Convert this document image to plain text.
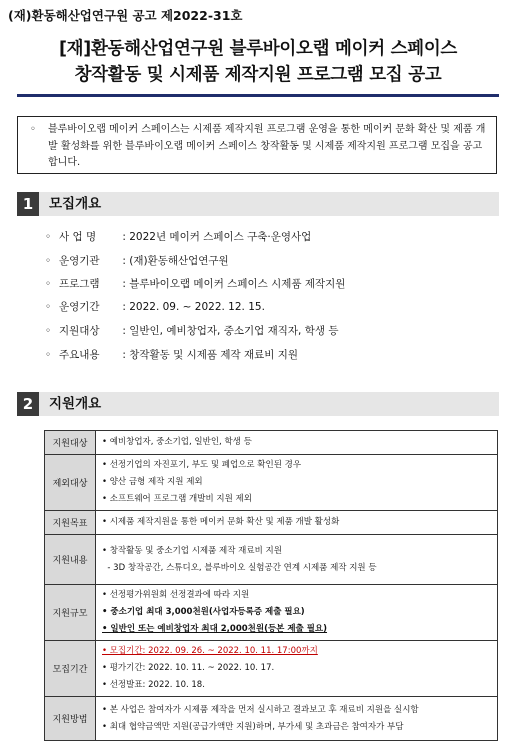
(재)환동해산업연구원 공고 제2022-31호
[재]환동해산업연구원 블루바이오랩 메이커 스페이스
창작활동 및 시제품 제작지원 프로그램 모집 공고
◦ 블루바이오랩 메이커 스페이스는 시제품 제작지원 프로그램 운영을 통한 메이커 문화 확산 및 제품 개발 활성화를 위한 블루바이오랩 메이커 스페이스 창작활동 및 시제품 제작지원 프로그램 모집을 공고합니다.
1	모집개요
◦ 사 업 명 : 2022년 메이커 스페이스 구축·운영사업
◦ 운영기관 : (재)환동해산업연구원
◦ 프로그램 : 블루바이오랩 메이커 스페이스 시제품 제작지원
◦ 운영기간 : 2022. 09. ~ 2022. 12. 15.
◦ 지원대상 : 일반인, 예비창업자, 중소기업 재직자, 학생 등
◦ 주요내용 : 창작활동 및 시제품 제작 재료비 지원
2	지원개요
지원대상	• 예비창업자, 중소기업, 일반인, 학생 등

제외대상	• 선정기업의 자진포기, 부도 및 폐업으로 확인된 경우
• 양산 금형 제작 지원 제외
• 소프트웨어 프로그램 개발비 지원 제외

지원목표	• 시제품 제작지원을 통한 메이커 문화 확산 및 제품 개발 활성화

지원내용	• 창작활동 및 중소기업 시제품 제작 재료비 지원
- 3D 창작공간, 스튜디오, 블루바이오 실험공간 연계 시제품 제작 지원 등

지원규모	• 선정평가위원회 선정결과에 따라 지원
• 중소기업 최대 3,000천원(사업자등록증 제출 필요)
• 일반인 또는 예비창업자 최대 2,000천원(등본 제출 필요)

모집기간	• 모집기간: 2022. 09. 26. ~ 2022. 10. 11. 17:00까지
• 평가기간: 2022. 10. 11. ~ 2022. 10. 17.
• 선정발표: 2022. 10. 18.

지원방법	• 본 사업은 참여자가 시제품 제작을 먼저 실시하고 결과보고 후 재료비 지원을 실시함
• 최대 협약금액만 지원(공급가액만 지원)하며, 부가세 및 초과금은 참여자가 부담
